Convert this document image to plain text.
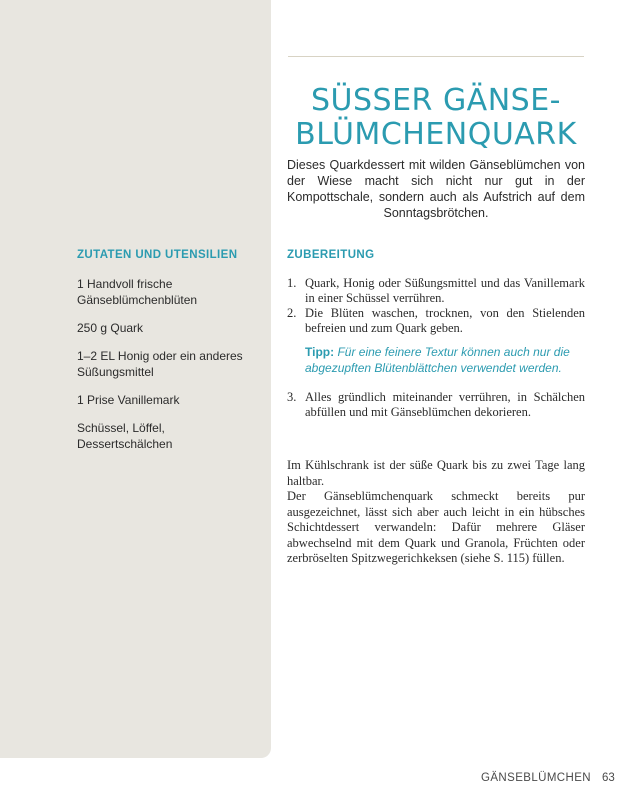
SÜSSER GÄNSE-
BLÜMCHENQUARK

Dieses Quarkdessert mit wilden Gänseblümchen von der Wiese macht sich nicht nur gut in der Kompottschale, sondern auch als Aufstrich auf dem Sonntagsbrötchen.

ZUTATEN UND UTENSILIEN	ZUBEREITUNG
1 Handvoll frische Gänseblümchenblüten
250 g Quark
1–2 EL Honig oder ein anderes Süßungsmittel
1 Prise Vanillemark
Schüssel, Löffel, Dessertschälchen
1. Quark, Honig oder Süßungsmittel und das Vanillemark in einer Schüssel verrühren.
2. Die Blüten waschen, trocknen, von den Stielenden befreien und zum Quark geben.
Tipp: Für eine feinere Textur können auch nur die abgezupften Blütenblättchen verwendet werden.
3. Alles gründlich miteinander verrühren, in Schälchen abfüllen und mit Gänseblümchen dekorieren.
Im Kühlschrank ist der süße Quark bis zu zwei Tage lang haltbar.
Der Gänseblümchenquark schmeckt bereits pur ausgezeichnet, lässt sich aber auch leicht in ein hübsches Schichtdessert verwandeln: Dafür mehrere Gläser abwechselnd mit dem Quark und Granola, Früchten oder zerbröselten Spitzwegerichkeksen (siehe S. 115) füllen.
GÄNSEBLÜMCHEN 63
